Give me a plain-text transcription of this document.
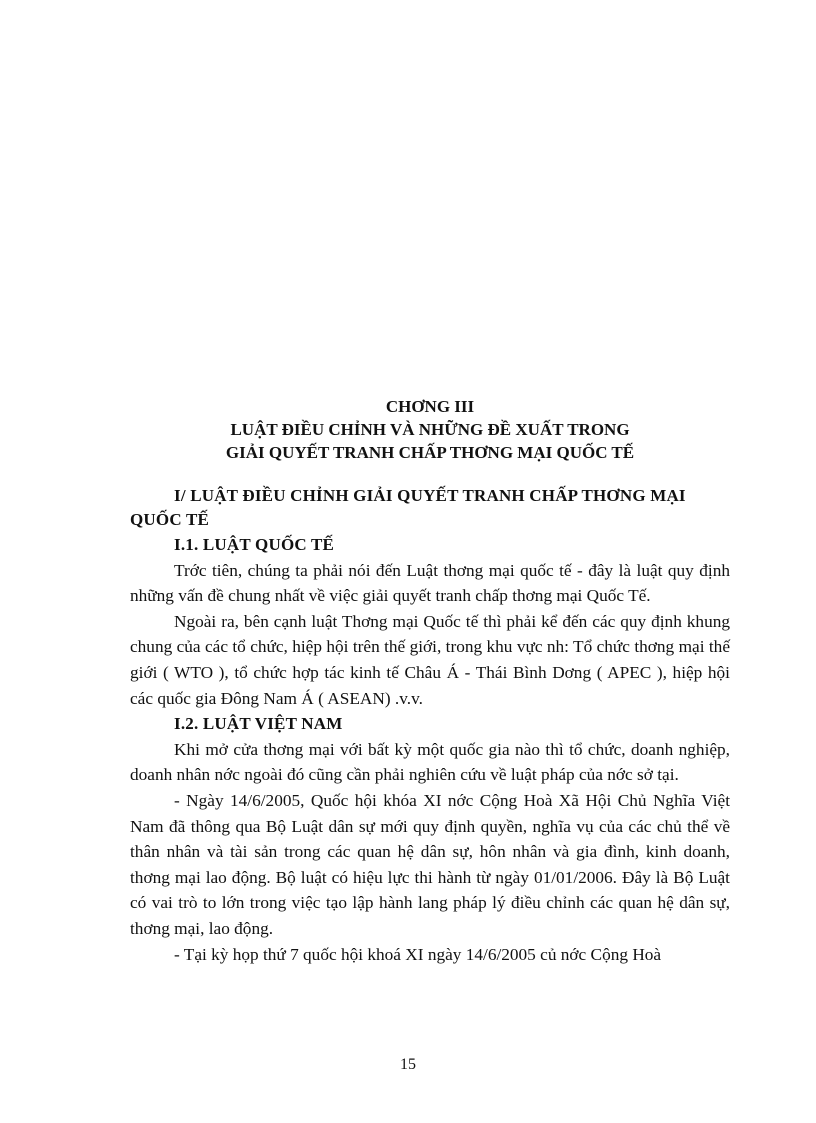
CHƠNG III
LUẬT ĐIỀU CHỈNH VÀ NHỮNG ĐỀ XUẤT TRONG
GIẢI QUYẾT TRANH CHẤP THƠNG MẠI QUỐC TẾ
I/ LUẬT ĐIỀU CHỈNH GIẢI QUYẾT TRANH CHẤP THƠNG MẠI QUỐC TẾ
I.1. LUẬT QUỐC TẾ

Trớc tiên, chúng ta phải nói đến Luật thơng mại quốc tế - đây là luật quy định những vấn đề chung nhất về việc giải quyết tranh chấp thơng mại Quốc Tế.

Ngoài ra, bên cạnh luật Thơng mại Quốc tế thì phải kể đến các quy định khung chung của các tổ chức, hiệp hội trên thế giới, trong khu vực nh: Tổ chức thơng mại thế giới ( WTO ), tổ chức hợp tác kinh tế Châu Á - Thái Bình Dơng ( APEC ), hiệp hội các quốc gia Đông Nam Á ( ASEAN) .v.v.

I.2. LUẬT VIỆT NAM

Khi mở cửa thơng mại với bất kỳ một quốc gia nào thì tổ chức, doanh nghiệp, doanh nhân nớc ngoài đó cũng cần phải nghiên cứu về luật pháp của nớc sở tại.

- Ngày 14/6/2005, Quốc hội khóa XI nớc Cộng Hoà Xã Hội Chủ Nghĩa Việt Nam đã thông qua Bộ Luật dân sự mới quy định quyền, nghĩa vụ của các chủ thể về thân nhân và tài sản trong các quan hệ dân sự, hôn nhân và gia đình, kinh doanh, thơng mại lao động. Bộ luật có hiệu lực thi hành từ ngày 01/01/2006. Đây là Bộ Luật có vai trò to lớn trong việc tạo lập hành lang pháp lý điều chỉnh các quan hệ dân sự, thơng mại, lao động.

- Tại kỳ họp thứ 7 quốc hội khoá XI ngày 14/6/2005 củ nớc Cộng Hoà

15
